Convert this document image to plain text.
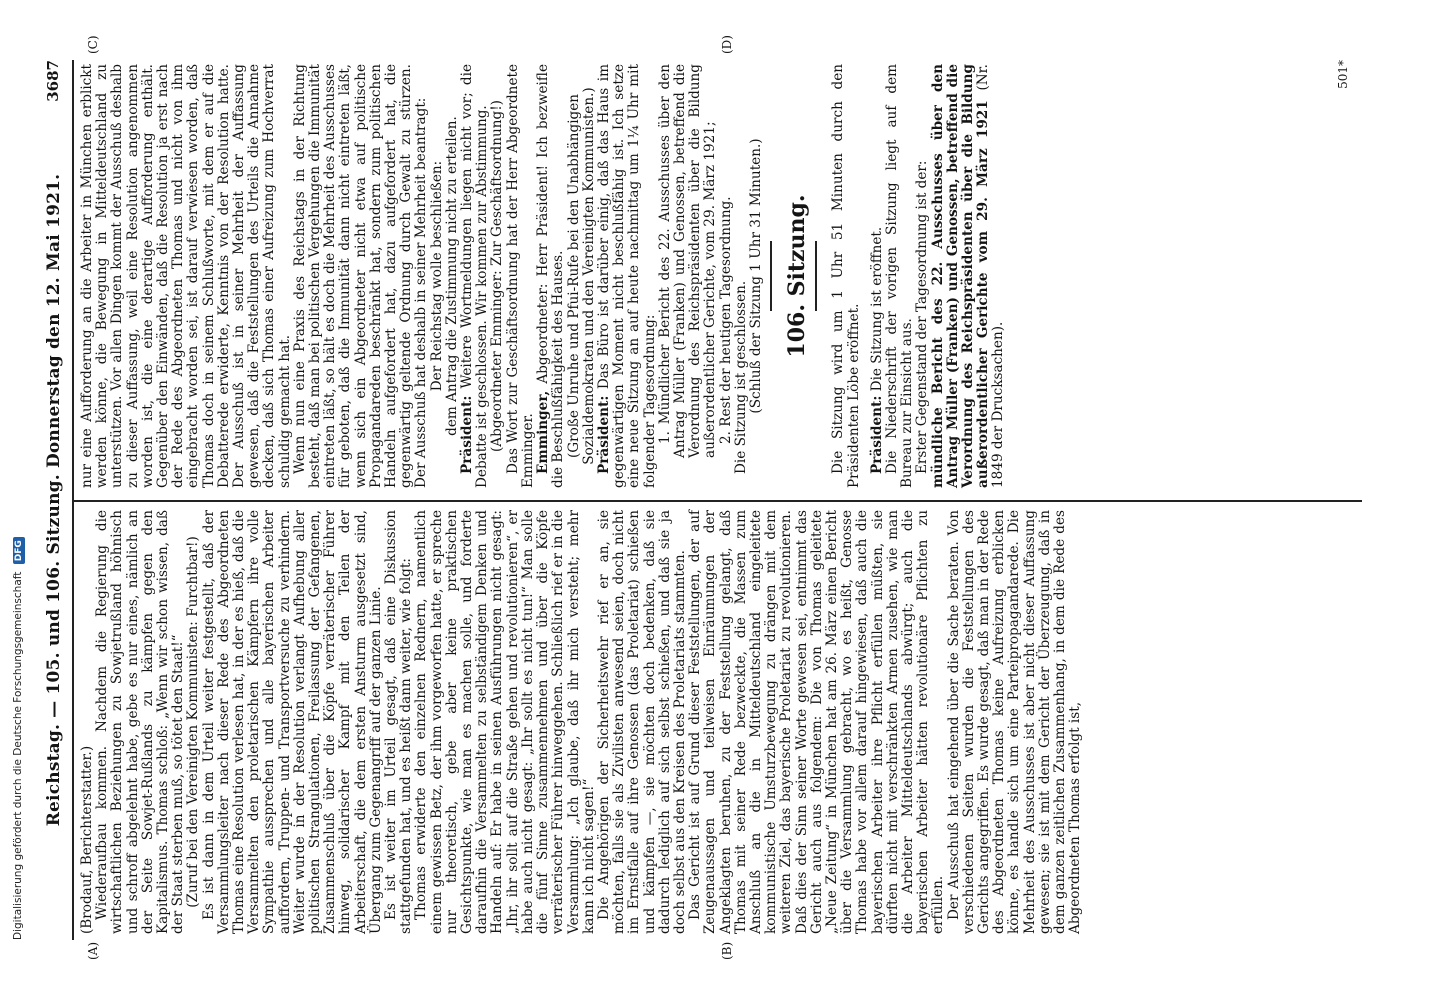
Digitalisierung gefördert durch die Deutsche Forschungsgemeinschaft DFG Reichstag. — 105. und 106. Sitzung. Donnerstag den 12. Mai 1921.
3687
(A)	(B)
(C)	(D)

(Brodauf, Berichterstatter.) Wiederaufbau kommen. Nachdem die Regierung die wirtschaftlichen Beziehungen zu Sowjetrußland höhnisch und schroff abgelehnt habe, gebe es nur eines, nämlich an der Seite Sowjet-Rußlands zu kämpfen gegen den Kapitalismus. Thomas schloß: „Wenn wir schon wissen, daß der Staat sterben muß, so tötet den Staat!“ (Zuruf bei den Vereinigten Kommunisten: Furchtbar!) Es ist dann in dem Urteil weiter festgestellt, daß der Versammlungsleiter nach dieser Rede des Abgeordneten Thomas eine Resolution verlesen hat, in der es hieß, daß die Versammelten den proletarischen Kämpfern ihre volle Sympathie aussprechen und alle bayerischen Arbeiter auffordern, Truppen- und Transportversuche zu verhindern. Weiter wurde in der Resolution verlangt Aufhebung aller politischen Strangulationen, Freilassung der Gefangenen, Zusammenschluß über die Köpfe verräterischer Führer hinweg, solidarischer Kampf mit den Teilen der Arbeiterschaft, die dem ersten Ansturm ausgesetzt sind, Übergang zum Gegenangriff auf der ganzen Linie. Es ist weiter im Urteil gesagt, daß eine Diskussion stattgefunden hat, und es heißt dann weiter, wie folgt: Thomas erwiderte den einzelnen Rednern, namentlich einem gewissen Betz, der ihm vorgeworfen hatte, er spreche nur theoretisch, gebe aber keine praktischen Gesichtspunkte, wie man es machen solle, und forderte daraufhin die Versammelten zu selbständigem Denken und Handeln auf: Er habe in seinen Ausführungen nicht gesagt: „Ihr, ihr sollt auf die Straße gehen und revolutionieren“, er habe auch nicht gesagt: „Ihr sollt es nicht tun!“ Man solle die fünf Sinne zusammennehmen und über die Köpfe verräterischer Führer hinweggehen. Schließlich rief er in die Versammlung: „Ich glaube, daß ihr mich versteht; mehr kann ich nicht sagen!“ Die Angehörigen der Sicherheitswehr rief er an, sie möchten, falls sie als Zivilisten anwesend seien, doch nicht im Ernstfalle auf ihre Genossen (das Proletariat) schießen und kämpfen —, sie möchten doch bedenken, daß sie dadurch lediglich auf sich selbst schießen, und daß sie ja doch selbst aus den Kreisen des Proletariats stammten. Das Gericht ist auf Grund dieser Feststellungen, der auf Zeugenaussagen und teilweisen Einräumungen der Angeklagten beruhen, zu der Feststellung gelangt, daß Thomas mit seiner Rede bezweckte, die Massen zum Anschluß an die in Mitteldeutschland eingeleitete kommunistische Umsturzbewegung zu drängen mit dem weiteren Ziel, das bayerische Proletariat zu revolutionieren. Daß dies der Sinn seiner Worte gewesen sei, entnimmt das Gericht auch aus folgendem: Die von Thomas geleitete „Neue Zeitung“ in München hat am 26. März einen Bericht über die Versammlung gebracht, wo es heißt, Genosse Thomas habe vor allem darauf hingewiesen, daß auch die bayerischen Arbeiter ihre Pflicht erfüllen müßten, sie dürften nicht mit verschränkten Armen zusehen, wie man die Arbeiter Mitteldeutschlands abwürgt; auch die bayerischen Arbeiter hätten revolutionäre Pflichten zu erfüllen. Der Ausschuß hat eingehend über die Sache beraten. Von verschiedenen Seiten wurden die Feststellungen des Gerichts angegriffen. Es wurde gesagt, daß man in der Rede des Abgeordneten Thomas keine Aufreizung erblicken könne, es handle sich um eine Parteipropagandarede. Die Mehrheit des Ausschusses ist aber nicht dieser Auffassung gewesen; sie ist mit dem Gericht der Überzeugung, daß in dem ganzen zeitlichen Zusammenhang, in dem die Rede des Abgeordneten Thomas erfolgt ist,

nur eine Aufforderung an die Arbeiter in München erblickt werden könne, die Bewegung in Mitteldeutschland zu unterstützen. Vor allen Dingen kommt der Ausschuß deshalb zu dieser Auffassung, weil eine Resolution angenommen worden ist, die eine derartige Aufforderung enthält. Gegenüber den Einwänden, daß die Resolution ja erst nach der Rede des Abgeordneten Thomas und nicht von ihm eingebracht worden sei, ist darauf verwiesen worden, daß Thomas doch in seinem Schlußworte, mit dem er auf die Debatterede erwiderte, Kenntnis von der Resolution hatte. Der Ausschuß ist in seiner Mehrheit der Auffassung gewesen, daß die Feststellungen des Urteils die Annahme decken, daß sich Thomas einer Aufreizung zum Hochverrat schuldig gemacht hat. Wenn nun eine Praxis des Reichstags in der Richtung besteht, daß man bei politischen Vergehungen die Immunität eintreten läßt, so hält es doch die Mehrheit des Ausschusses für geboten, daß die Immunität dann nicht eintreten läßt, wenn sich ein Abgeordneter nicht etwa auf politische Propagandareden beschränkt hat, sondern zum politischen Handeln aufgefordert hat, dazu aufgefordert hat, die gegenwärtig geltende Ordnung durch Gewalt zu stürzen. Der Ausschuß hat deshalb in seiner Mehrheit beantragt: Der Reichstag wolle beschließen: dem Antrag die Zustimmung nicht zu erteilen. Präsident: Weitere Wortmeldungen liegen nicht vor; die Debatte ist geschlossen. Wir kommen zur Abstimmung. (Abgeordneter Emminger: Zur Geschäftsordnung!) Das Wort zur Geschäftsordnung hat der Herr Abgeordnete Emminger. Emminger, Abgeordneter: Herr Präsident! Ich bezweifle die Beschlußfähigkeit des Hauses. (Große Unruhe und Pfui-Rufe bei den Unabhängigen Sozialdemokraten und den Vereinigten Kommunisten.) Präsident: Das Büro ist darüber einig, daß das Haus im gegenwärtigen Moment nicht beschlußfähig ist. Ich setze eine neue Sitzung an auf heute nachmittag um 1¼ Uhr mit folgender Tagesordnung: 1. Mündlicher Bericht des 22. Ausschusses über den Antrag Müller (Franken) und Genossen, betreffend die Verordnung des Reichspräsidenten über die Bildung außerordentlicher Gerichte, vom 29. März 1921; 2. Rest der heutigen Tagesordnung. Die Sitzung ist geschlossen. (Schluß der Sitzung 1 Uhr 31 Minuten.) 106. Sitzung. Die Sitzung wird um 1 Uhr 51 Minuten durch den Präsidenten Löbe eröffnet. Präsident: Die Sitzung ist eröffnet. Die Niederschrift der vorigen Sitzung liegt auf dem Bureau zur Einsicht aus. Erster Gegenstand der Tagesordnung ist der: mündliche Bericht des 22. Ausschusses über den Antrag Müller (Franken) und Genossen, betreffend die Verordnung des Reichspräsidenten über die Bildung außerordentlicher Gerichte vom 29. März 1921 (Nr. 1849 der Drucksachen).

501*
